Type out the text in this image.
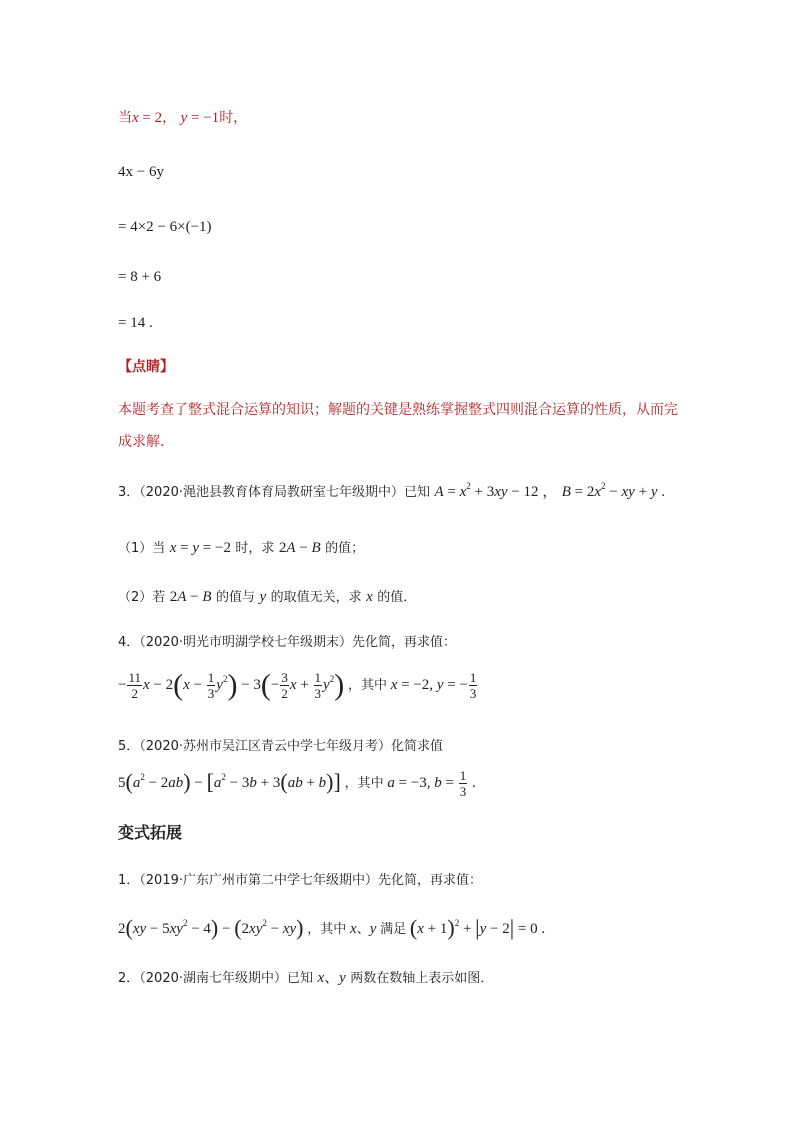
当x = 2， y = −1时，
4x − 6y
= 4×2 − 6×(−1)
= 8 + 6
= 14 .
【点睛】
本题考查了整式混合运算的知识；解题的关键是熟练掌握整式四则混合运算的性质，从而完
成求解．
3．（2020·渑池县教育体育局教研室七年级期中）已知 $A = x^2 + 3xy - 12$ ， $B = 2x^2$ − xy + y .
（1）当 x = y = −2 时，求 2A − B 的值；
（2）若 2A − B 的值与 y 的取值无关，求 x 的值．
4．（2020·明光市明湖学校七年级期末）先化简，再求值：
− $\frac{11}{2}$ $x - 2(x - \frac{1}{3} y^2) - 3(- \frac{3}{2}$ $x + \frac{1}{3} y^2$) ，其中 x = −2, y = − $\frac{1}{3}$
5．（2020·苏州市吴江区青云中学七年级月考）化简求值
$5(a^2 - 2ab) - [a^2 - 3b + 3(ab + b)]$ ，其中 a = −3, $b = \frac{1}{3}$ .
变式拓展
1．（2019·广东广州市第二中学七年级期中）先化简，再求值：
$2(xy - 5xy^2 - 4) - (2xy^2 - xy)$ ，其中 x、y 满足 $(x + 1)^2 + |y - 2| = 0$ .
2．（2020·湖南七年级期中）已知 x、y 两数在数轴上表示如图．
